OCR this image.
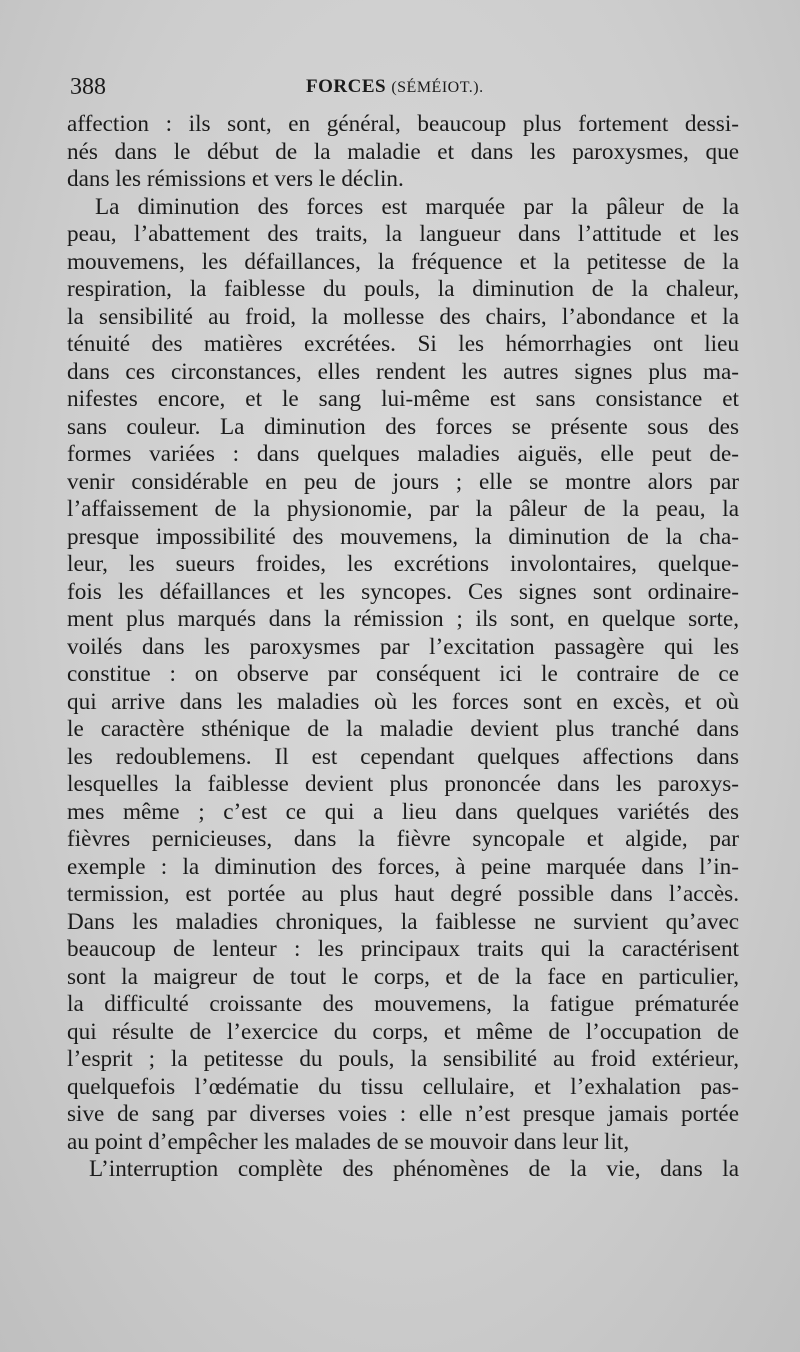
388	FORCES (SÉMÉIOT.).
affection : ils sont, en général, beaucoup plus fortement dessi-
nés dans le début de la maladie et dans les paroxysmes, que
dans les rémissions et vers le déclin.
La diminution des forces est marquée par la pâleur de la
peau, l’abattement des traits, la langueur dans l’attitude et les
mouvemens, les défaillances, la fréquence et la petitesse de la
respiration, la faiblesse du pouls, la diminution de la chaleur,
la sensibilité au froid, la mollesse des chairs, l’abondance et la
ténuité des matières excrétées. Si les hémorrhagies ont lieu
dans ces circonstances, elles rendent les autres signes plus ma-
nifestes encore, et le sang lui-même est sans consistance et
sans couleur. La diminution des forces se présente sous des
formes variées : dans quelques maladies aiguës, elle peut de-
venir considérable en peu de jours ; elle se montre alors par
l’affaissement de la physionomie, par la pâleur de la peau, la
presque impossibilité des mouvemens, la diminution de la cha-
leur, les sueurs froides, les excrétions involontaires, quelque-
fois les défaillances et les syncopes. Ces signes sont ordinaire-
ment plus marqués dans la rémission ; ils sont, en quelque sorte,
voilés dans les paroxysmes par l’excitation passagère qui les
constitue : on observe par conséquent ici le contraire de ce
qui arrive dans les maladies où les forces sont en excès, et où
le caractère sthénique de la maladie devient plus tranché dans
les redoublemens. Il est cependant quelques affections dans
lesquelles la faiblesse devient plus prononcée dans les paroxys-
mes même ; c’est ce qui a lieu dans quelques variétés des
fièvres pernicieuses, dans la fièvre syncopale et algide, par
exemple : la diminution des forces, à peine marquée dans l’in-
termission, est portée au plus haut degré possible dans l’accès.
Dans les maladies chroniques, la faiblesse ne survient qu’avec
beaucoup de lenteur : les principaux traits qui la caractérisent
sont la maigreur de tout le corps, et de la face en particulier,
la difficulté croissante des mouvemens, la fatigue prématurée
qui résulte de l’exercice du corps, et même de l’occupation de
l’esprit ; la petitesse du pouls, la sensibilité au froid extérieur,
quelquefois l’œdématie du tissu cellulaire, et l’exhalation pas-
sive de sang par diverses voies : elle n’est presque jamais portée
au point d’empêcher les malades de se mouvoir dans leur lit,
L’interruption complète des phénomènes de la vie, dans la
